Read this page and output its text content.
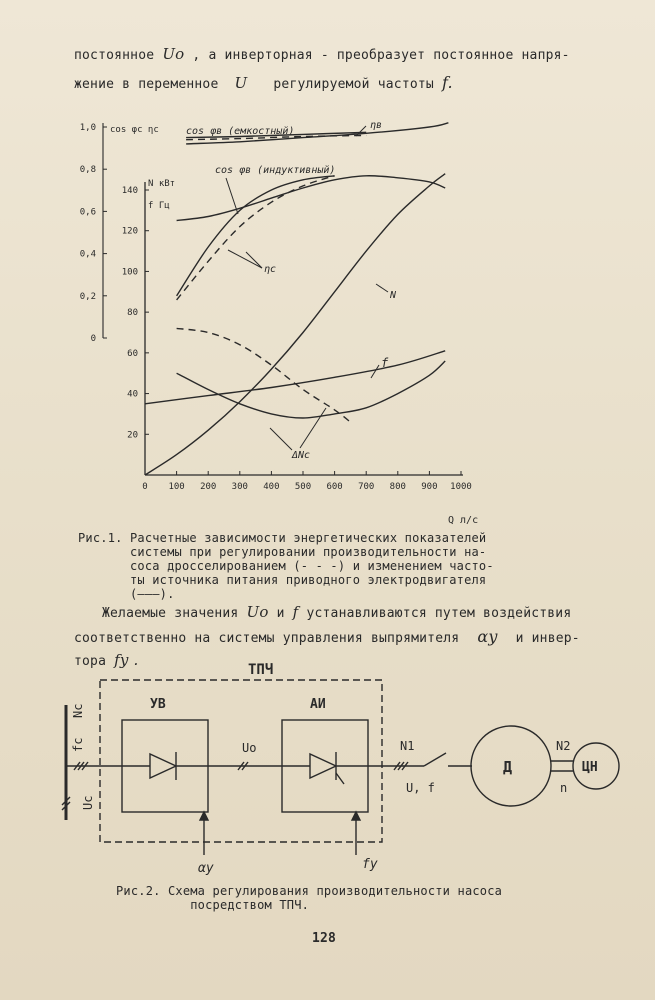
постоянное Uo , а инверторная - преобразует постоянное напря-
жение в переменное U регулируемой частоты f.
0 100 200 300 400 500 600 700 800 900 1000
Q л/с
20
40
60
80
100
120
140
N кВт
f Гц
0
0,2
0,4
0,6
0,8
1,0 cos φc ηc	cos φв (емкостный)
ηв
cos φв (индуктивный)
ηc
N
f
ΔNc
Рис.1. Расчетные зависимости энергетических показателей
системы при регулировании производительности на-
соса дросселированием (- - -) и изменением часто-
ты источника питания приводного электродвигателя
(———).
Желаемые значения Uo и f устанавливаются путем воздействия
соответственно на системы управления выпрямителя αy и инвер-
тора fy .
ТПЧ
УВ	АИ
Д	ЦН
Nc
fc
Uc
Uo	N1
U, f
N2
n
αy	fy
Рис.2. Схема регулирования производительности насоса
посредством ТПЧ.
128
